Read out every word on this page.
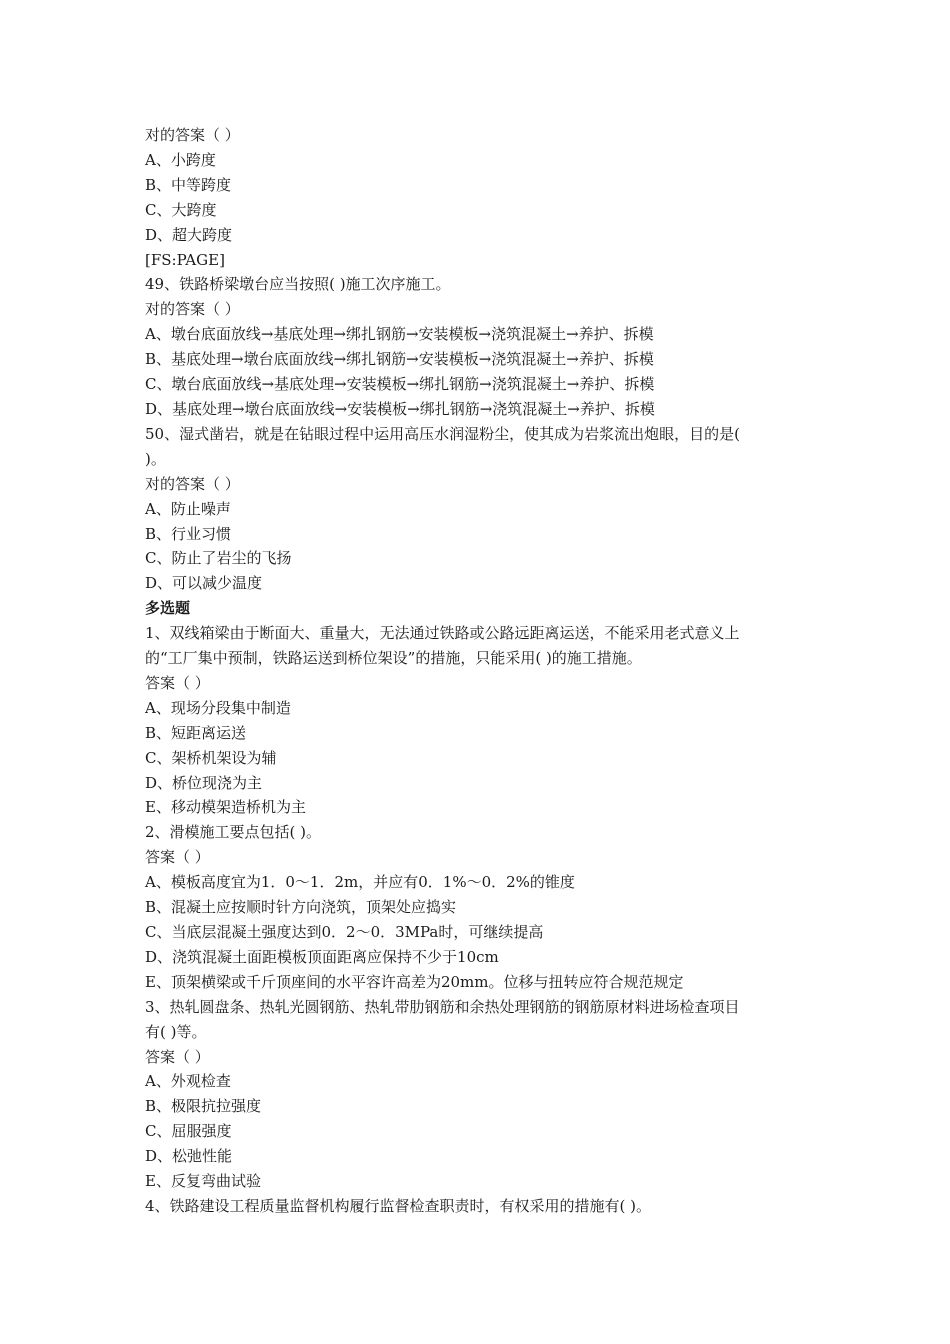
对的答案（ ）

A、小跨度

B、中等跨度

C、大跨度

D、超大跨度

[FS:PAGE]

49、铁路桥梁墩台应当按照( )施工次序施工。

对的答案（ ）

A、墩台底面放线→基底处理→绑扎钢筋→安装模板→浇筑混凝土→养护、拆模

B、基底处理→墩台底面放线→绑扎钢筋→安装模板→浇筑混凝土→养护、拆模

C、墩台底面放线→基底处理→安装模板→绑扎钢筋→浇筑混凝土→养护、拆模

D、基底处理→墩台底面放线→安装模板→绑扎钢筋→浇筑混凝土→养护、拆模

50、湿式凿岩，就是在钻眼过程中运用高压水润湿粉尘，使其成为岩浆流出炮眼，目的是(

)。

对的答案（ ）

A、防止噪声

B、行业习惯

C、防止了岩尘的飞扬

D、可以减少温度

多选题

1、双线箱梁由于断面大、重量大，无法通过铁路或公路远距离运送，不能采用老式意义上

的“工厂集中预制，铁路运送到桥位架设”的措施，只能采用( )的施工措施。

答案（ ）

A、现场分段集中制造

B、短距离运送

C、架桥机架设为辅

D、桥位现浇为主

E、移动模架造桥机为主

2、滑模施工要点包括( )。

答案（ ）

A、模板高度宜为1．0～1．2m，并应有0．1%～0．2%的锥度

B、混凝土应按顺时针方向浇筑，顶架处应捣实

C、当底层混凝土强度达到0．2～0．3MPa时，可继续提高

D、浇筑混凝土面距模板顶面距离应保持不少于10cm

E、顶架横梁或千斤顶座间的水平容许高差为20mm。位移与扭转应符合规范规定

3、热轧圆盘条、热轧光圆钢筋、热轧带肋钢筋和余热处理钢筋的钢筋原材料进场检查项目

有( )等。

答案（ ）

A、外观检查

B、极限抗拉强度

C、屈服强度

D、松弛性能

E、反复弯曲试验

4、铁路建设工程质量监督机构履行监督检查职责时，有权采用的措施有( )。
